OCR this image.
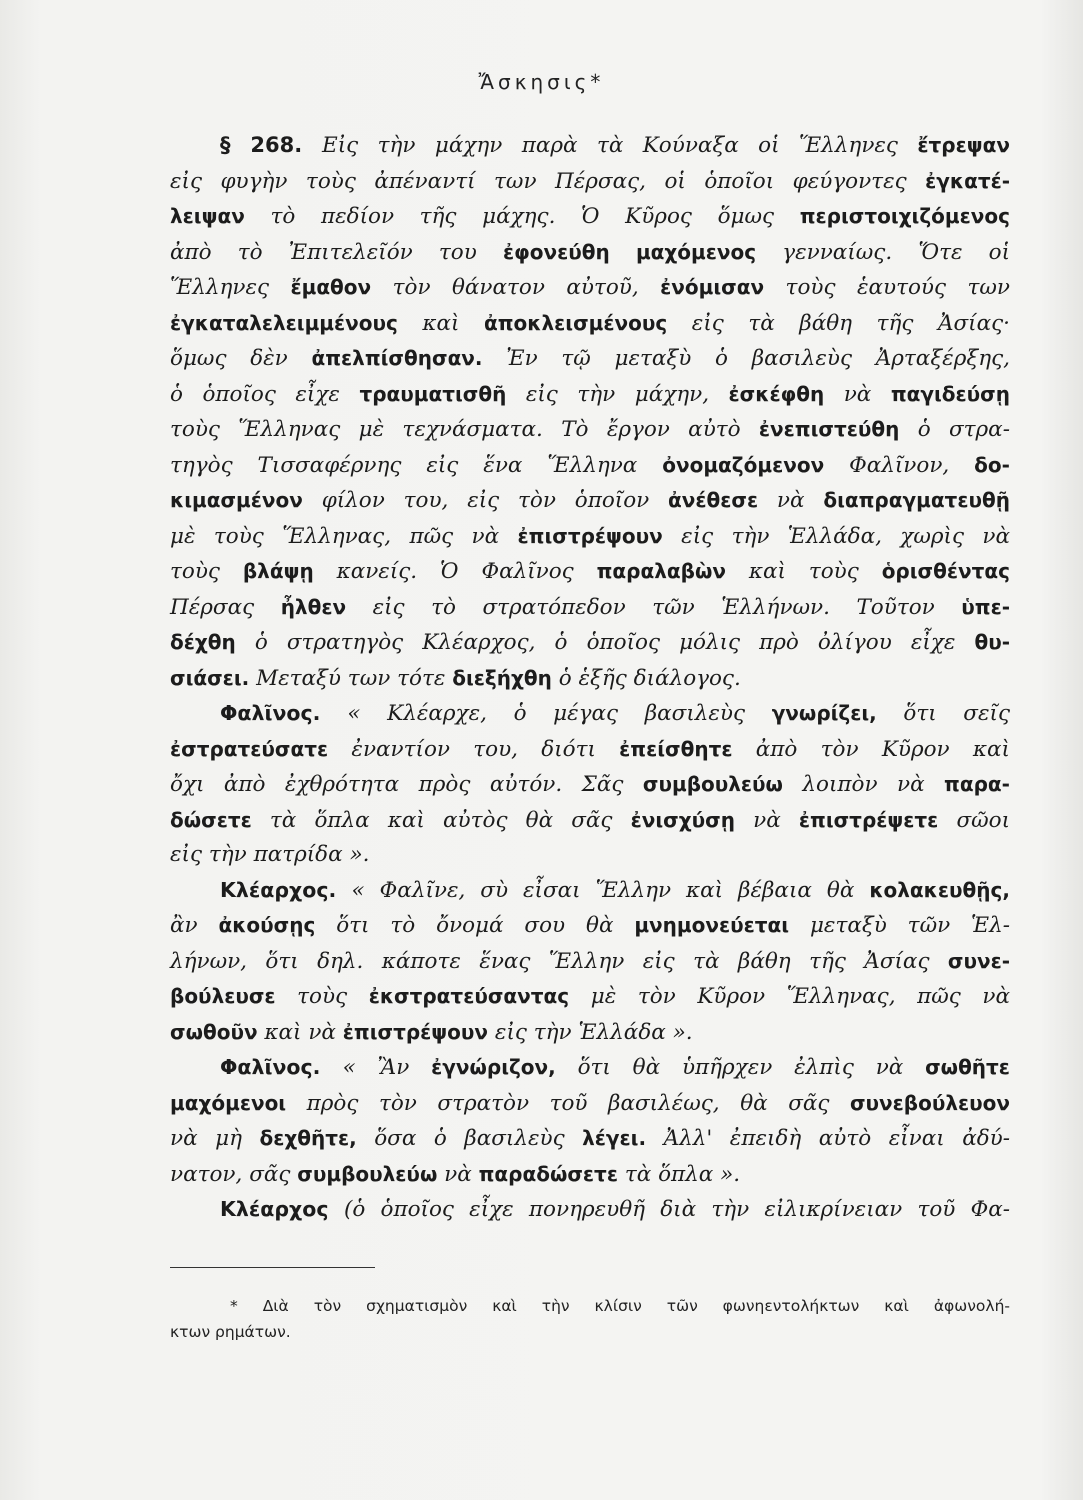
Ἄσκησις*
§ 268. Εἰς τὴν μάχην παρὰ τὰ Κούναξα οἱ Ἕλληνες ἔτρεψαν
εἰς φυγὴν τοὺς ἀπέναντί των Πέρσας, οἱ ὁποῖοι φεύγοντες ἐγκατέ-
λειψαν τὸ πεδίον τῆς μάχης. Ὁ Κῦρος ὅμως περιστοιχιζόμενος
ἀπὸ τὸ Ἐπιτελεῖόν του ἐφονεύθη μαχόμενος γενναίως. Ὅτε οἱ
Ἕλληνες ἔμαθον τὸν θάνατον αὐτοῦ, ἐνόμισαν τοὺς ἑαυτούς των
ἐγκαταλελειμμένους καὶ ἀποκλεισμένους εἰς τὰ βάθη τῆς Ἀσίας·
ὅμως δὲν ἀπελπίσθησαν. Ἐν τῷ μεταξὺ ὁ βασιλεὺς Ἀρταξέρξης,
ὁ ὁποῖος εἶχε τραυματισθῆ εἰς τὴν μάχην, ἐσκέφθη νὰ παγιδεύσῃ
τοὺς Ἕλληνας μὲ τεχνάσματα. Τὸ ἔργον αὐτὸ ἐνεπιστεύθη ὁ στρα-
τηγὸς Τισσαφέρνης εἰς ἕνα Ἕλληνα ὀνομαζόμενον Φαλῖνον, δο-
κιμασμένον φίλον του, εἰς τὸν ὁποῖον ἀνέθεσε νὰ διαπραγματευθῇ
μὲ τοὺς Ἕλληνας, πῶς νὰ ἐπιστρέψουν εἰς τὴν Ἑλλάδα, χωρὶς νὰ
τοὺς βλάψῃ κανείς. Ὁ Φαλῖνος παραλαβὼν καὶ τοὺς ὁρισθέντας
Πέρσας ἦλθεν εἰς τὸ στρατόπεδον τῶν Ἑλλήνων. Τοῦτον ὑπε-
δέχθη ὁ στρατηγὸς Κλέαρχος, ὁ ὁποῖος μόλις πρὸ ὀλίγου εἶχε θυ-
σιάσει. Μεταξύ των τότε διεξήχθη ὁ ἑξῆς διάλογος.
Φαλῖνος. « Κλέαρχε, ὁ μέγας βασιλεὺς γνωρίζει, ὅτι σεῖς
ἐστρατεύσατε ἐναντίον του, διότι ἐπείσθητε ἀπὸ τὸν Κῦρον καὶ
ὄχι ἀπὸ ἐχθρότητα πρὸς αὐτόν. Σᾶς συμβουλεύω λοιπὸν νὰ παρα-
δώσετε τὰ ὅπλα καὶ αὐτὸς θὰ σᾶς ἐνισχύσῃ νὰ ἐπιστρέψετε σῶοι
εἰς τὴν πατρίδα ».
Κλέαρχος. « Φαλῖνε, σὺ εἶσαι Ἕλλην καὶ βέβαια θὰ κολακευθῇς,
ἂν ἀκούσῃς ὅτι τὸ ὄνομά σου θὰ μνημονεύεται μεταξὺ τῶν Ἑλ-
λήνων, ὅτι δηλ. κάποτε ἕνας Ἕλλην εἰς τὰ βάθη τῆς Ἀσίας συνε-
βούλευσε τοὺς ἐκστρατεύσαντας μὲ τὸν Κῦρον Ἕλληνας, πῶς νὰ
σωθοῦν καὶ νὰ ἐπιστρέψουν εἰς τὴν Ἑλλάδα ».
Φαλῖνος. « Ἂν ἐγνώριζον, ὅτι θὰ ὑπῆρχεν ἐλπὶς νὰ σωθῆτε
μαχόμενοι πρὸς τὸν στρατὸν τοῦ βασιλέως, θὰ σᾶς συνεβούλευον
νὰ μὴ δεχθῆτε, ὅσα ὁ βασιλεὺς λέγει. Ἀλλ' ἐπειδὴ αὐτὸ εἶναι ἀδύ-
νατον, σᾶς συμβουλεύω νὰ παραδώσετε τὰ ὅπλα ».
Κλέαρχος (ὁ ὁποῖος εἶχε πονηρευθῆ διὰ τὴν εἰλικρίνειαν τοῦ Φα-
* Διὰ τὸν σχηματισμὸν καὶ τὴν κλίσιν τῶν φωνηεντολήκτων καὶ ἀφωνολή-
κτων ρημάτων.
